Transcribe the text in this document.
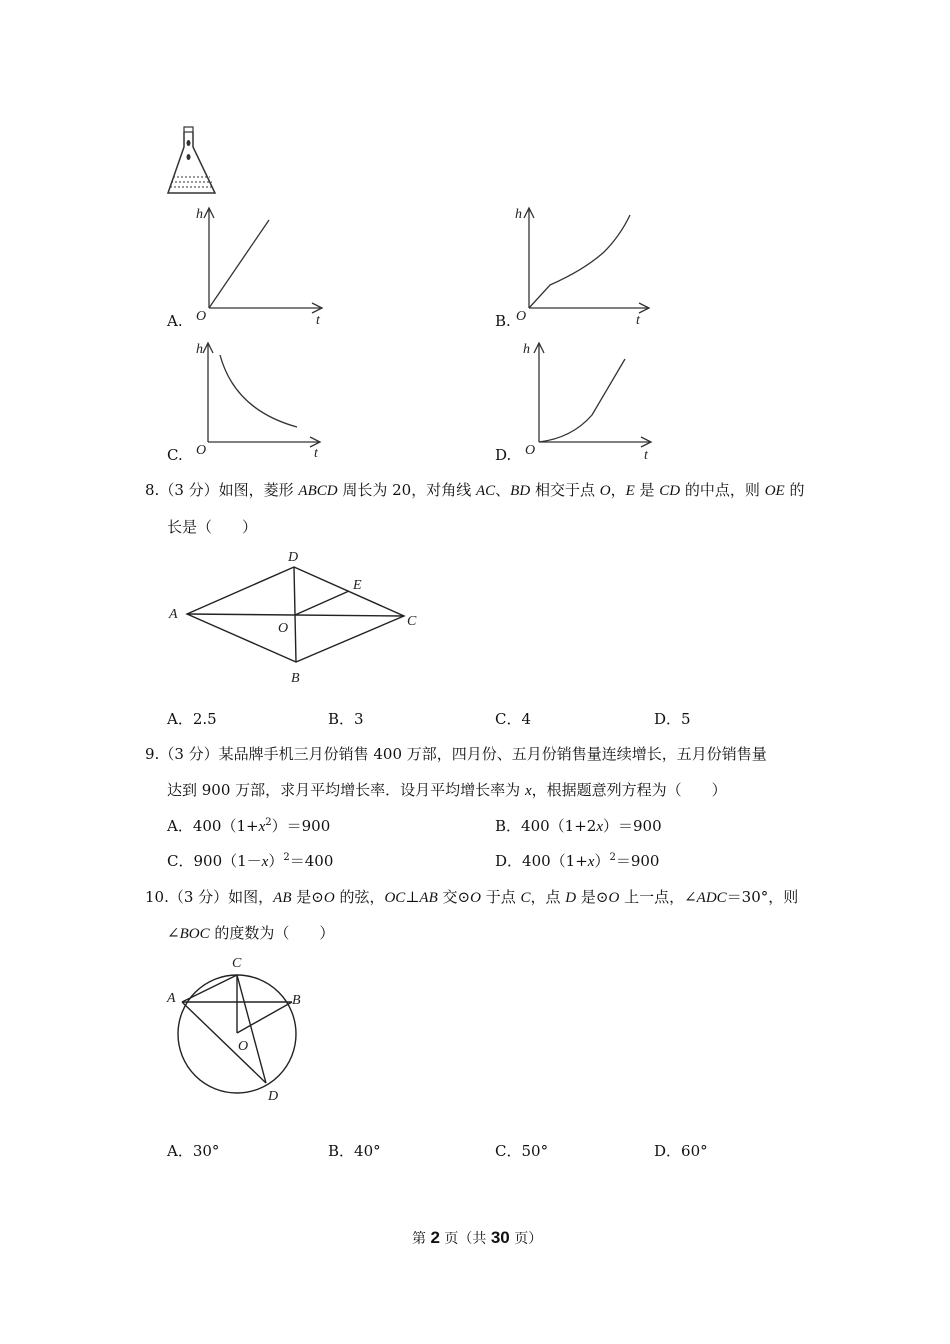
A.
h
t
O	B.
h
t
O
C.
h
t
O	D.
h
t
O
8.（3 分）如图，菱形 ABCD 周长为 20，对角线 AC、BD 相交于点 O，E 是 CD 的中点，则 OE 的
长是（　　）
A
D
E
O	C
B
A．2.5	B．3	C．4	D．5
9.（3 分）某品牌手机三月份销售 400 万部，四月份、五月份销售量连续增长，五月份销售量
达到 900 万部，求月平均增长率．设月平均增长率为 x，根据题意列方程为（　　）
A．$400(1+x^2)=900$	B．400（1+2x）＝900
C．$900(1-x)^2=400$	D．$400(1+x)^2=900$
10.（3 分）如图，AB 是⊙O 的弦，OC⊥AB 交⊙O 于点 C，点 D 是⊙O 上一点，∠ADC＝30°，则
∠BOC 的度数为（　　）
A
C
B
O
D
A．30°	B．40°	C．50°	D．60°
第 2 页（共 30 页）
